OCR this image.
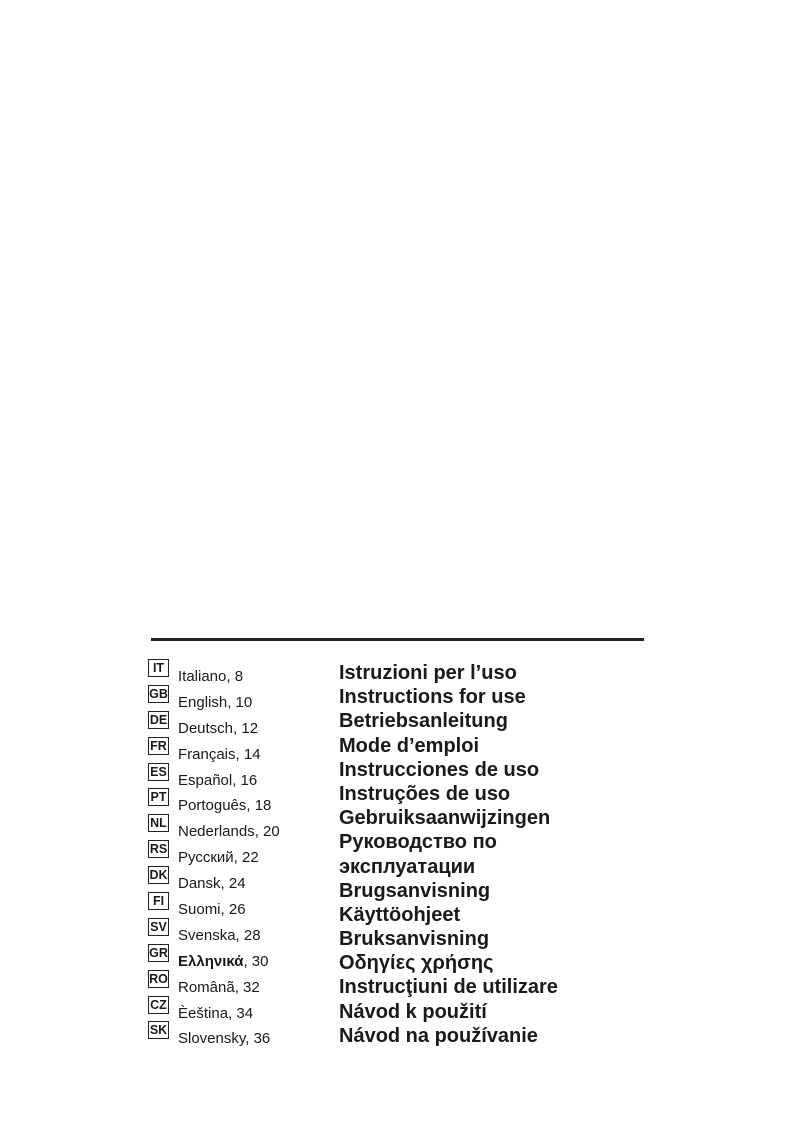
IT Italiano, 8
GB English, 10
DE Deutsch, 12
FR Français, 14
ES Español, 16
PT Portoguês, 18
NL Nederlands, 20
RS Русский, 22
DK Dansk, 24
FI Suomi, 26
SV Svenska, 28
GR Ελληνικά, 30
RO Românã, 32
CZ Èeština, 34
SK Slovensky, 36
Istruzioni per l’uso
Instructions for use
Betriebsanleitung
Mode d’emploi
Instrucciones de uso
Instruções de uso
Gebruiksaanwijzingen
Руководство по
эксплуатации
Brugsanvisning
Käyttöohjeet
Bruksanvisning
Οδηγίες χρήσης
Instrucţiuni de utilizare
Návod k použití
Návod na používanie
